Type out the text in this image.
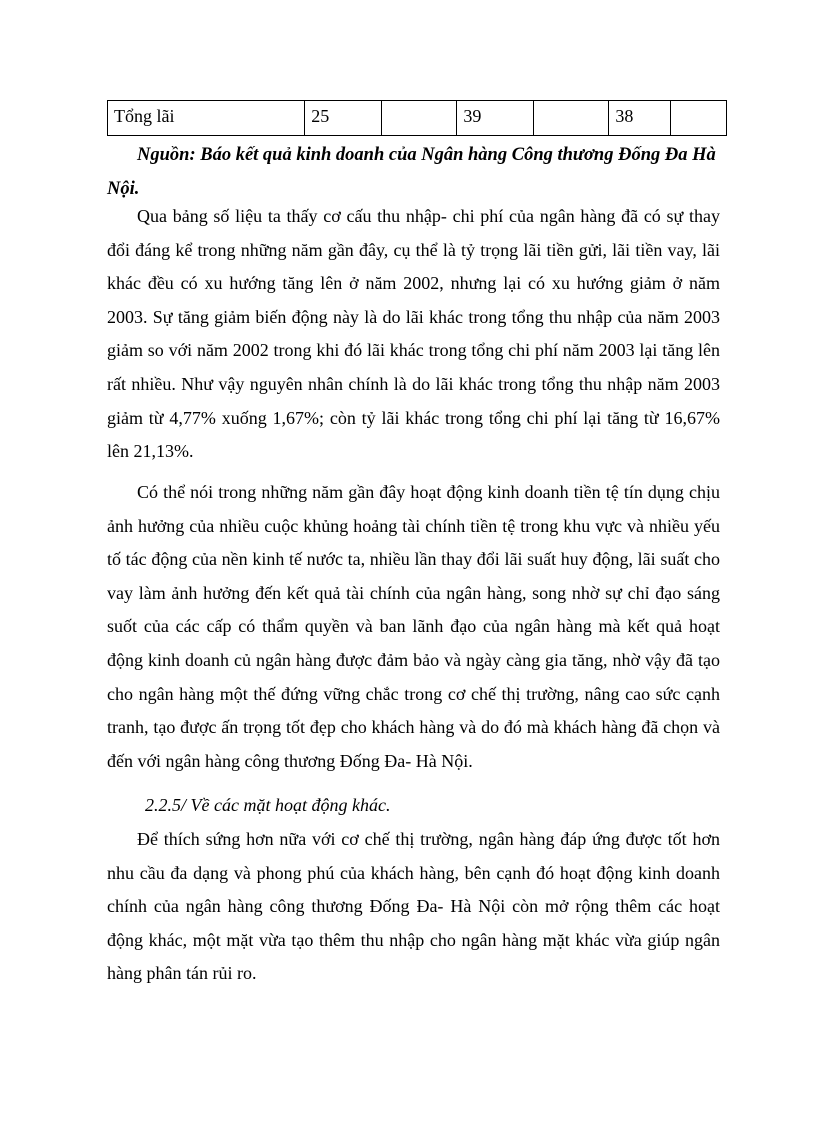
Tổng lãi	25		39		38	
Nguồn: Báo kết quả kinh doanh của Ngân hàng Công thương Đống Đa Hà Nội.

Qua bảng số liệu ta thấy cơ cấu thu nhập- chi phí của ngân hàng đã có sự thay đổi đáng kể trong những năm gần đây, cụ thể là tỷ trọng lãi tiền gửi, lãi tiền vay, lãi khác đều có xu hướng tăng lên ở năm 2002, nhưng lại có xu hướng giảm ở năm 2003. Sự tăng giảm biến động này là do lãi khác trong tổng thu nhập của năm 2003 giảm so với năm 2002 trong khi đó lãi khác trong tổng chi phí năm 2003 lại tăng lên rất nhiều. Như vậy nguyên nhân chính là do lãi khác trong tổng thu nhập năm 2003 giảm từ 4,77% xuống 1,67%; còn tỷ lãi khác trong tổng chi phí lại tăng từ 16,67% lên 21,13%.

Có thể nói trong những năm gần đây hoạt động kinh doanh tiền tệ tín dụng chịu ảnh hưởng của nhiều cuộc khủng hoảng tài chính tiền tệ trong khu vực và nhiều yếu tố tác động của nền kinh tế nước ta, nhiều lần thay đổi lãi suất huy động, lãi suất cho vay làm ảnh hưởng đến kết quả tài chính của ngân hàng, song nhờ sự chỉ đạo sáng suốt của các cấp có thẩm quyền và ban lãnh đạo của ngân hàng mà kết quả hoạt động kinh doanh củ ngân hàng được đảm bảo và ngày càng gia tăng, nhờ vậy đã tạo cho ngân hàng một thế đứng vững chắc trong cơ chế thị trường, nâng cao sức cạnh tranh, tạo được ấn trọng tốt đẹp cho khách hàng và do đó mà khách hàng đã chọn và đến với ngân hàng công thương Đống Đa- Hà Nội.

2.2.5/ Về các mặt hoạt động khác.

Để thích sứng hơn nữa với cơ chế thị trường, ngân hàng đáp ứng được tốt hơn nhu cầu đa dạng và phong phú của khách hàng, bên cạnh đó hoạt động kinh doanh chính của ngân hàng công thương Đống Đa- Hà Nội còn mở rộng thêm các hoạt động khác, một mặt vừa tạo thêm thu nhập cho ngân hàng mặt khác vừa giúp ngân hàng phân tán rủi ro.
